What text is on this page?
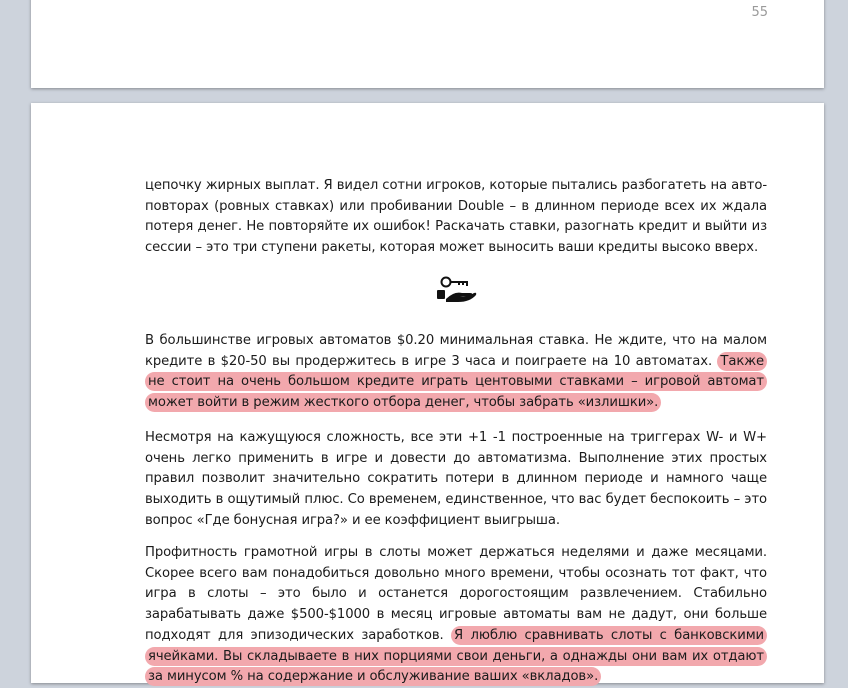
55
цепочку жирных выплат. Я видел сотни игроков, которые пытались разбогатеть на авто-повторах (ровных ставках) или пробивании Double – в длинном периоде всех их ждала потеря денег. Не повторяйте их ошибок! Раскачать ставки, разогнать кредит и выйти из сессии – это три ступени ракеты, которая может выносить ваши кредиты высоко вверх.
В большинстве игровых автоматов $0.20 минимальная ставка. Не ждите, что на малом кредите в $20-50 вы продержитесь в игре 3 часа и поиграете на 10 автоматах. Также не стоит на очень большом кредите играть центовыми ставками – игровой автомат может войти в режим жесткого отбора денег, чтобы забрать «излишки».
Несмотря на кажущуюся сложность, все эти +1 -1 построенные на триггерах W- и W+ очень легко применить в игре и довести до автоматизма. Выполнение этих простых правил позволит значительно сократить потери в длинном периоде и намного чаще выходить в ощутимый плюс. Со временем, единственное, что вас будет беспокоить – это вопрос «Где бонусная игра?» и ее коэффициент выигрыша.
Профитность грамотной игры в слоты может держаться неделями и даже месяцами. Скорее всего вам понадобиться довольно много времени, чтобы осознать тот факт, что игра в слоты – это было и останется дорогостоящим развлечением. Стабильно зарабатывать даже $500-$1000 в месяц игровые автоматы вам не дадут, они больше подходят для эпизодических заработков. Я люблю сравнивать слоты с банковскими ячейками. Вы складываете в них порциями свои деньги, а однажды они вам их отдают за минусом % на содержание и обслуживание ваших «вкладов».
